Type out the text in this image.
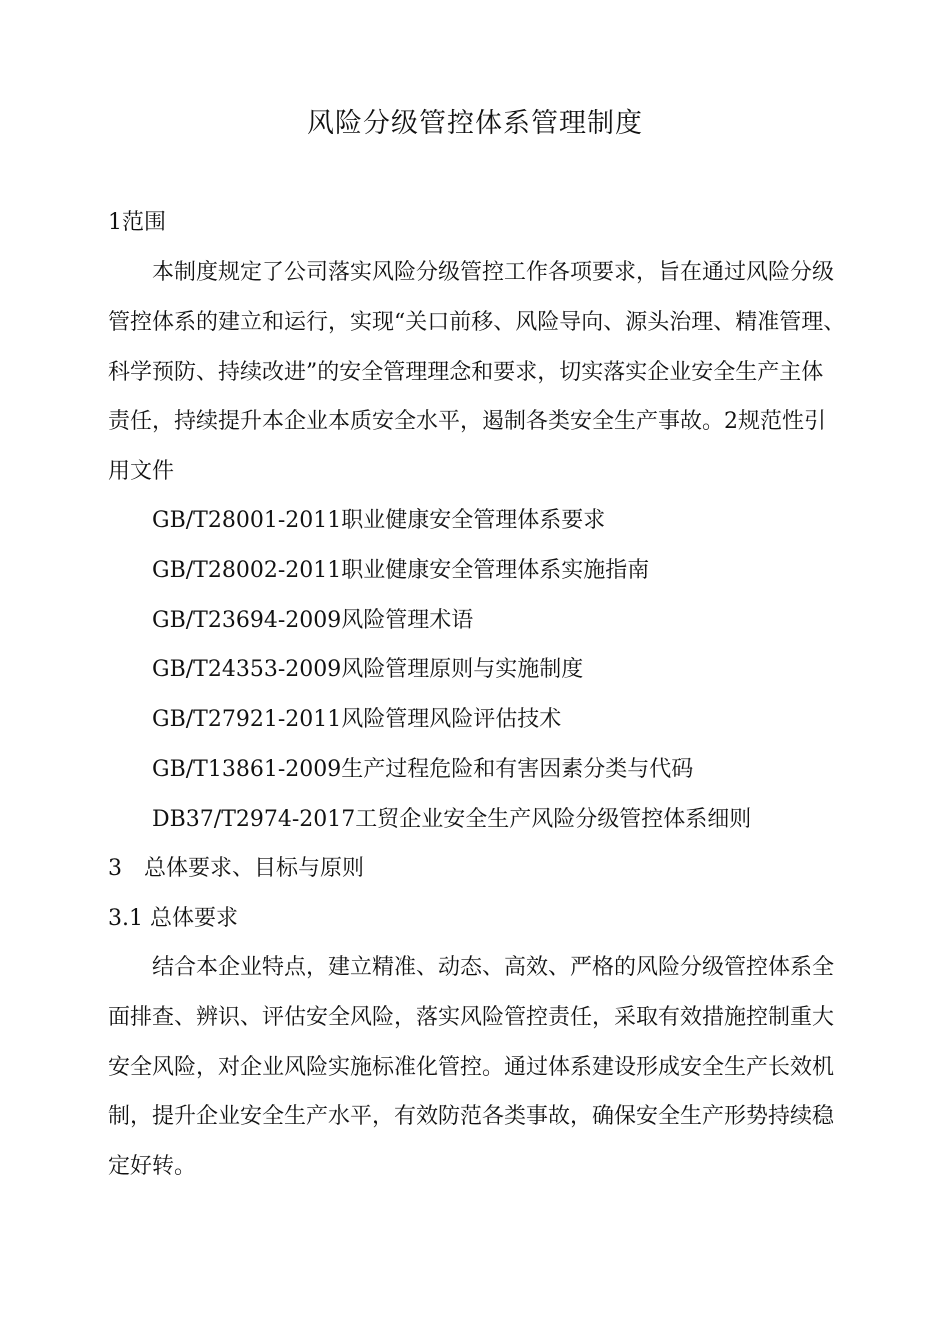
风险分级管控体系管理制度
1范围
本制度规定了公司落实风险分级管控工作各项要求，旨在通过风险分级
管控体系的建立和运行，实现“关口前移、风险导向、源头治理、精准管理、
科学预防、持续改进”的安全管理理念和要求，切实落实企业安全生产主体
责任，持续提升本企业本质安全水平，遏制各类安全生产事故。2规范性引
用文件
GB/T28001-2011职业健康安全管理体系要求
GB/T28002-2011职业健康安全管理体系实施指南
GB/T23694-2009风险管理术语
GB/T24353-2009风险管理原则与实施制度
GB/T27921-2011风险管理风险评估技术
GB/T13861-2009生产过程危险和有害因素分类与代码
DB37/T2974-2017工贸企业安全生产风险分级管控体系细则
3　总体要求、目标与原则
3.1 总体要求
结合本企业特点，建立精准、动态、高效、严格的风险分级管控体系全
面排查、辨识、评估安全风险，落实风险管控责任，采取有效措施控制重大
安全风险，对企业风险实施标准化管控。通过体系建设形成安全生产长效机
制，提升企业安全生产水平，有效防范各类事故，确保安全生产形势持续稳
定好转。
